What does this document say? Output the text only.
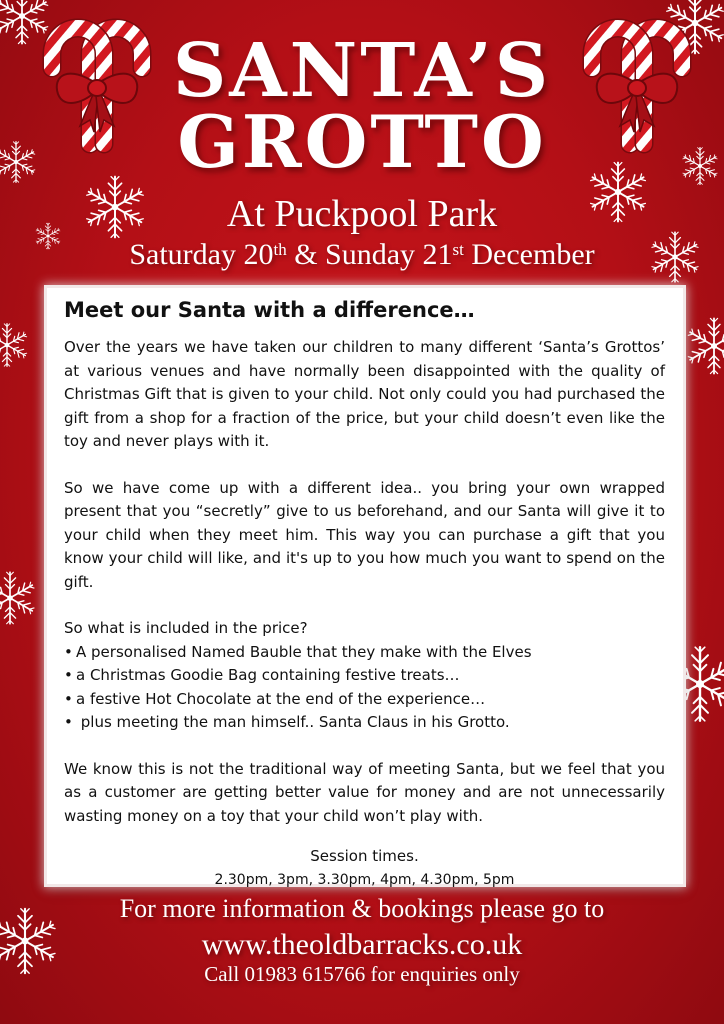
SANTA’S
GROTTO
At Puckpool Park
Saturday 20th & Sunday 21st December
Meet our Santa with a difference…

Over the years we have taken our children to many different ‘Santa’s Grottos’ at various venues and have normally been disappointed with the quality of Christmas Gift that is given to your child. Not only could you had purchased the gift from a shop for a fraction of the price, but your child doesn’t even like the toy and never plays with it.

So we have come up with a different idea.. you bring your own wrapped present that you “secretly” give to us beforehand, and our Santa will give it to your child when they meet him. This way you can purchase a gift that you know your child will like, and it's up to you how much you want to spend on the gift.

So what is included in the price?

• A personalised Named Bauble that they make with the Elves
• a Christmas Goodie Bag containing festive treats…
• a festive Hot Chocolate at the end of the experience…
• plus meeting the man himself.. Santa Claus in his Grotto.

We know this is not the traditional way of meeting Santa, but we feel that you as a customer are getting better value for money and are not unnecessarily wasting money on a toy that your child won’t play with.

Session times.
2.30pm, 3pm, 3.30pm, 4pm, 4.30pm, 5pm
For more information & bookings please go to
www.theoldbarracks.co.uk
Call 01983 615766 for enquiries only
